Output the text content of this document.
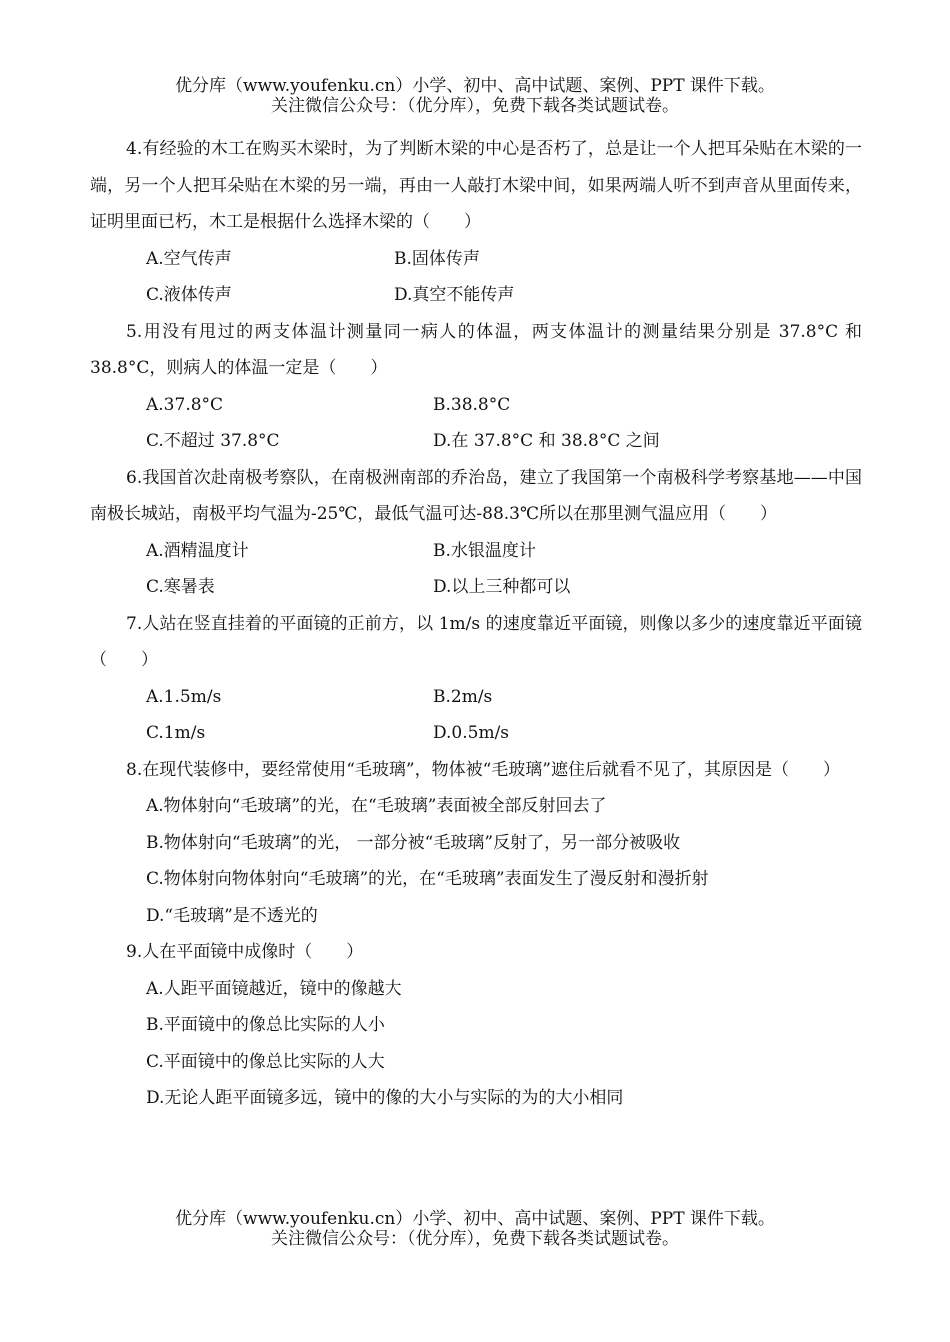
优分库（www.youfenku.cn）小学、初中、高中试题、案例、PPT 课件下载。
关注微信公众号：（优分库），免费下载各类试题试卷。

4.有经验的木工在购买木梁时，为了判断木梁的中心是否朽了，总是让一个人把耳朵贴在木梁的一端，另一个人把耳朵贴在木梁的另一端，再由一人敲打木梁中间，如果两端人听不到声音从里面传来，证明里面已朽，木工是根据什么选择木梁的（　　）

A.空气传声	B.固体传声
C.液体传声	D.真空不能传声

5.用没有甩过的两支体温计测量同一病人的体温，两支体温计的测量结果分别是 37.8°C 和 38.8°C，则病人的体温一定是（　　）

A.37.8°C	B.38.8°C
C.不超过 37.8°C	D.在 37.8°C 和 38.8°C 之间

6.我国首次赴南极考察队，在南极洲南部的乔治岛，建立了我国第一个南极科学考察基地——中国南极长城站，南极平均气温为-25℃，最低气温可达-88.3℃所以在那里测气温应用（　　）

A.酒精温度计	B.水银温度计
C.寒暑表	D.以上三种都可以

7.人站在竖直挂着的平面镜的正前方，以 1m/s 的速度靠近平面镜，则像以多少的速度靠近平面镜（　　）

A.1.5m/s	B.2m/s
C.1m/s	D.0.5m/s

8.在现代装修中，要经常使用“毛玻璃”，物体被“毛玻璃”遮住后就看不见了，其原因是（　　）

A.物体射向“毛玻璃”的光，在“毛玻璃”表面被全部反射回去了
B.物体射向“毛玻璃”的光， 一部分被“毛玻璃”反射了，另一部分被吸收
C.物体射向物体射向“毛玻璃”的光，在“毛玻璃”表面发生了漫反射和漫折射
D.“毛玻璃”是不透光的

9.人在平面镜中成像时（　　）

A.人距平面镜越近，镜中的像越大
B.平面镜中的像总比实际的人小
C.平面镜中的像总比实际的人大
D.无论人距平面镜多远，镜中的像的大小与实际的为的大小相同
优分库（www.youfenku.cn）小学、初中、高中试题、案例、PPT 课件下载。
关注微信公众号：（优分库），免费下载各类试题试卷。
